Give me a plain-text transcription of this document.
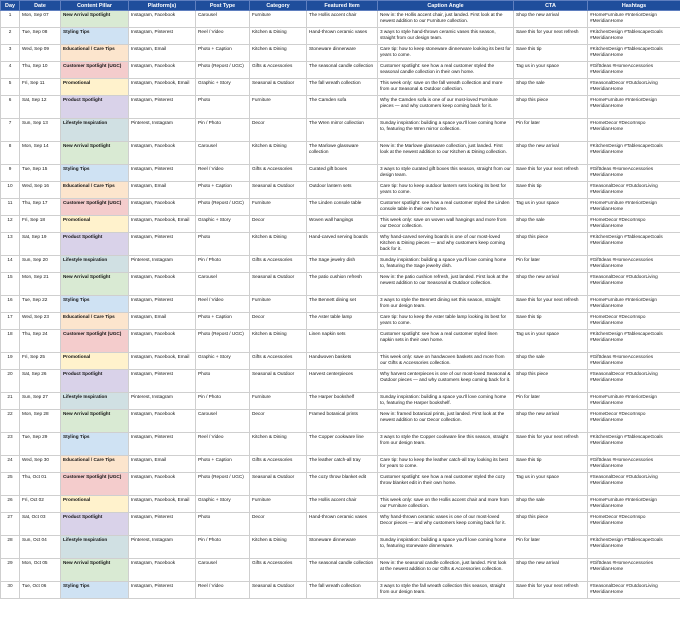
Day	Date	Content Pillar	Platform(s)	Post Type	Category	Featured Item	Caption Angle	CTA	Hashtags
1	Mon, Sep 07	New Arrival Spotlight	Instagram, Facebook	Carousel	Furniture	The Hollis accent chair	New in: the Hollis accent chair, just landed. First look at the newest addition to our Furniture collection.	Shop the new arrival	#HomeFurniture #InteriorDesign #MeridianHome
2	Tue, Sep 08	Styling Tips	Instagram, Pinterest	Reel / Video	Kitchen & Dining	Hand-thrown ceramic vases	3 ways to style hand-thrown ceramic vases this season, straight from our design team.	Save this for your next refresh	#KitchenDesign #TablescapeGoals #MeridianHome
3	Wed, Sep 09	Educational / Care Tips	Instagram, Email	Photo + Caption	Kitchen & Dining	Stoneware dinnerware	Care tip: how to keep stoneware dinnerware looking its best for years to come.	Save this tip	#KitchenDesign #TablescapeGoals #MeridianHome
4	Thu, Sep 10	Customer Spotlight (UGC)	Instagram, Facebook	Photo (Repost / UGC)	Gifts & Accessories	The seasonal candle collection	Customer spotlight: see how a real customer styled the seasonal candle collection in their own home.	Tag us in your space	#GiftIdeas #HomeAccessories #MeridianHome
5	Fri, Sep 11	Promotional	Instagram, Facebook, Email	Graphic + Story	Seasonal & Outdoor	The fall wreath collection	This week only: save on the fall wreath collection and more from our Seasonal & Outdoor collection.	Shop the sale	#SeasonalDecor #OutdoorLiving #MeridianHome
6	Sat, Sep 12	Product Spotlight	Instagram, Pinterest	Photo	Furniture	The Camden sofa	Why the Camden sofa is one of our most-loved Furniture pieces — and why customers keep coming back for it.	Shop this piece	#HomeFurniture #InteriorDesign #MeridianHome
7	Sun, Sep 13	Lifestyle Inspiration	Pinterest, Instagram	Pin / Photo	Decor	The Wren mirror collection	Sunday inspiration: building a space you'll love coming home to, featuring the Wren mirror collection.	Pin for later	#HomeDecor #DecorInspo #MeridianHome
8	Mon, Sep 14	New Arrival Spotlight	Instagram, Facebook	Carousel	Kitchen & Dining	The Marlowe glassware collection	New in: the Marlowe glassware collection, just landed. First look at the newest addition to our Kitchen & Dining collection.	Shop the new arrival	#KitchenDesign #TablescapeGoals #MeridianHome
9	Tue, Sep 15	Styling Tips	Instagram, Pinterest	Reel / Video	Gifts & Accessories	Curated gift boxes	3 ways to style curated gift boxes this season, straight from our design team.	Save this for your next refresh	#GiftIdeas #HomeAccessories #MeridianHome
10	Wed, Sep 16	Educational / Care Tips	Instagram, Email	Photo + Caption	Seasonal & Outdoor	Outdoor lantern sets	Care tip: how to keep outdoor lantern sets looking its best for years to come.	Save this tip	#SeasonalDecor #OutdoorLiving #MeridianHome
11	Thu, Sep 17	Customer Spotlight (UGC)	Instagram, Facebook	Photo (Repost / UGC)	Furniture	The Linden console table	Customer spotlight: see how a real customer styled the Linden console table in their own home.	Tag us in your space	#HomeFurniture #InteriorDesign #MeridianHome
12	Fri, Sep 18	Promotional	Instagram, Facebook, Email	Graphic + Story	Decor	Woven wall hangings	This week only: save on woven wall hangings and more from our Decor collection.	Shop the sale	#HomeDecor #DecorInspo #MeridianHome
13	Sat, Sep 19	Product Spotlight	Instagram, Pinterest	Photo	Kitchen & Dining	Hand-carved serving boards	Why hand-carved serving boards is one of our most-loved Kitchen & Dining pieces — and why customers keep coming back for it.	Shop this piece	#KitchenDesign #TablescapeGoals #MeridianHome
14	Sun, Sep 20	Lifestyle Inspiration	Pinterest, Instagram	Pin / Photo	Gifts & Accessories	The Sage jewelry dish	Sunday inspiration: building a space you'll love coming home to, featuring the Sage jewelry dish.	Pin for later	#GiftIdeas #HomeAccessories #MeridianHome
15	Mon, Sep 21	New Arrival Spotlight	Instagram, Facebook	Carousel	Seasonal & Outdoor	The patio cushion refresh	New in: the patio cushion refresh, just landed. First look at the newest addition to our Seasonal & Outdoor collection.	Shop the new arrival	#SeasonalDecor #OutdoorLiving #MeridianHome
16	Tue, Sep 22	Styling Tips	Instagram, Pinterest	Reel / Video	Furniture	The Bennett dining set	3 ways to style the Bennett dining set this season, straight from our design team.	Save this for your next refresh	#HomeFurniture #InteriorDesign #MeridianHome
17	Wed, Sep 23	Educational / Care Tips	Instagram, Email	Photo + Caption	Decor	The Aster table lamp	Care tip: how to keep the Aster table lamp looking its best for years to come.	Save this tip	#HomeDecor #DecorInspo #MeridianHome
18	Thu, Sep 24	Customer Spotlight (UGC)	Instagram, Facebook	Photo (Repost / UGC)	Kitchen & Dining	Linen napkin sets	Customer spotlight: see how a real customer styled linen napkin sets in their own home.	Tag us in your space	#KitchenDesign #TablescapeGoals #MeridianHome
19	Fri, Sep 25	Promotional	Instagram, Facebook, Email	Graphic + Story	Gifts & Accessories	Handwoven baskets	This week only: save on handwoven baskets and more from our Gifts & Accessories collection.	Shop the sale	#GiftIdeas #HomeAccessories #MeridianHome
20	Sat, Sep 26	Product Spotlight	Instagram, Pinterest	Photo	Seasonal & Outdoor	Harvest centerpieces	Why harvest centerpieces is one of our most-loved Seasonal & Outdoor pieces — and why customers keep coming back for it.	Shop this piece	#SeasonalDecor #OutdoorLiving #MeridianHome
21	Sun, Sep 27	Lifestyle Inspiration	Pinterest, Instagram	Pin / Photo	Furniture	The Harper bookshelf	Sunday inspiration: building a space you'll love coming home to, featuring the Harper bookshelf.	Pin for later	#HomeFurniture #InteriorDesign #MeridianHome
22	Mon, Sep 28	New Arrival Spotlight	Instagram, Facebook	Carousel	Decor	Framed botanical prints	New in: framed botanical prints, just landed. First look at the newest addition to our Decor collection.	Shop the new arrival	#HomeDecor #DecorInspo #MeridianHome
23	Tue, Sep 29	Styling Tips	Instagram, Pinterest	Reel / Video	Kitchen & Dining	The Copper cookware line	3 ways to style the Copper cookware line this season, straight from our design team.	Save this for your next refresh	#KitchenDesign #TablescapeGoals #MeridianHome
24	Wed, Sep 30	Educational / Care Tips	Instagram, Email	Photo + Caption	Gifts & Accessories	The leather catch-all tray	Care tip: how to keep the leather catch-all tray looking its best for years to come.	Save this tip	#GiftIdeas #HomeAccessories #MeridianHome
25	Thu, Oct 01	Customer Spotlight (UGC)	Instagram, Facebook	Photo (Repost / UGC)	Seasonal & Outdoor	The cozy throw blanket edit	Customer spotlight: see how a real customer styled the cozy throw blanket edit in their own home.	Tag us in your space	#SeasonalDecor #OutdoorLiving #MeridianHome
26	Fri, Oct 02	Promotional	Instagram, Facebook, Email	Graphic + Story	Furniture	The Hollis accent chair	This week only: save on the Hollis accent chair and more from our Furniture collection.	Shop the sale	#HomeFurniture #InteriorDesign #MeridianHome
27	Sat, Oct 03	Product Spotlight	Instagram, Pinterest	Photo	Decor	Hand-thrown ceramic vases	Why hand-thrown ceramic vases is one of our most-loved Decor pieces — and why customers keep coming back for it.	Shop this piece	#HomeDecor #DecorInspo #MeridianHome
28	Sun, Oct 04	Lifestyle Inspiration	Pinterest, Instagram	Pin / Photo	Kitchen & Dining	Stoneware dinnerware	Sunday inspiration: building a space you'll love coming home to, featuring stoneware dinnerware.	Pin for later	#KitchenDesign #TablescapeGoals #MeridianHome
29	Mon, Oct 05	New Arrival Spotlight	Instagram, Facebook	Carousel	Gifts & Accessories	The seasonal candle collection	New in: the seasonal candle collection, just landed. First look at the newest addition to our Gifts & Accessories collection.	Shop the new arrival	#GiftIdeas #HomeAccessories #MeridianHome
30	Tue, Oct 06	Styling Tips	Instagram, Pinterest	Reel / Video	Seasonal & Outdoor	The fall wreath collection	3 ways to style the fall wreath collection this season, straight from our design team.	Save this for your next refresh	#SeasonalDecor #OutdoorLiving #MeridianHome
